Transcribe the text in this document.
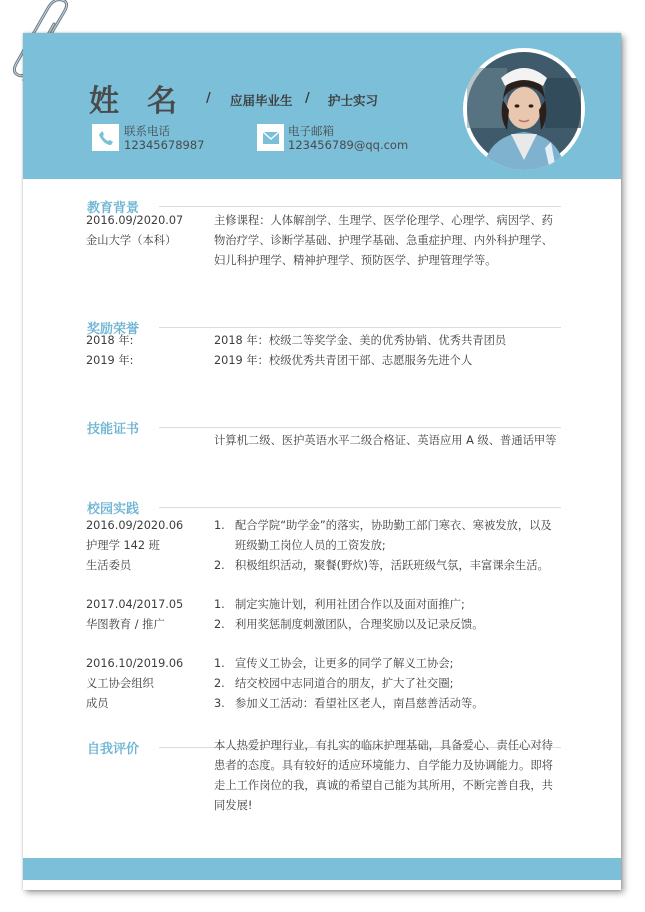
姓名 / 应届毕业生 / 护士实习
联系电话
12345678987
电子邮箱
123456789@qq.com
教育背景
2016.09/2020.07
金山大学（本科）
主修课程：人体解剖学、生理学、医学伦理学、心理学、病因学、药物治疗学、诊断学基础、护理学基础、急重症护理、内外科护理学、妇儿科护理学、精神护理学、预防医学、护理管理学等。
奖励荣誉
2018 年:	2018 年：校级二等奖学金、美的优秀协销、优秀共青团员
2019 年:	2019 年：校级优秀共青团干部、志愿服务先进个人
技能证书
计算机二级、医护英语水平二级合格证、英语应用 A 级、普通话甲等
校园实践
2016.09/2020.06
护理学 142 班
生活委员
1. 配合学院“助学金”的落实，协助勤工部门寒衣、寒被发放，以及
班级勤工岗位人员的工资发放;
2. 积极组织活动，聚餐(野炊)等，活跃班级气氛，丰富课余生活。
2017.04/2017.05
华图教育 / 推广
1. 制定实施计划，利用社团合作以及面对面推广;
2. 利用奖惩制度刺激团队，合理奖励以及记录反馈。
2016.10/2019.06
义工协会组织
成员
1. 宣传义工协会，让更多的同学了解义工协会;
2. 结交校园中志同道合的朋友，扩大了社交圈;
3. 参加义工活动：看望社区老人，南昌慈善活动等。
自我评价	本人热爱护理行业，有扎实的临床护理基础，具备爱心、责任心对待患者的态度。具有较好的适应环境能力、自学能力及协调能力。即将走上工作岗位的我，真诚的希望自己能为其所用，不断完善自我，共同发展!
